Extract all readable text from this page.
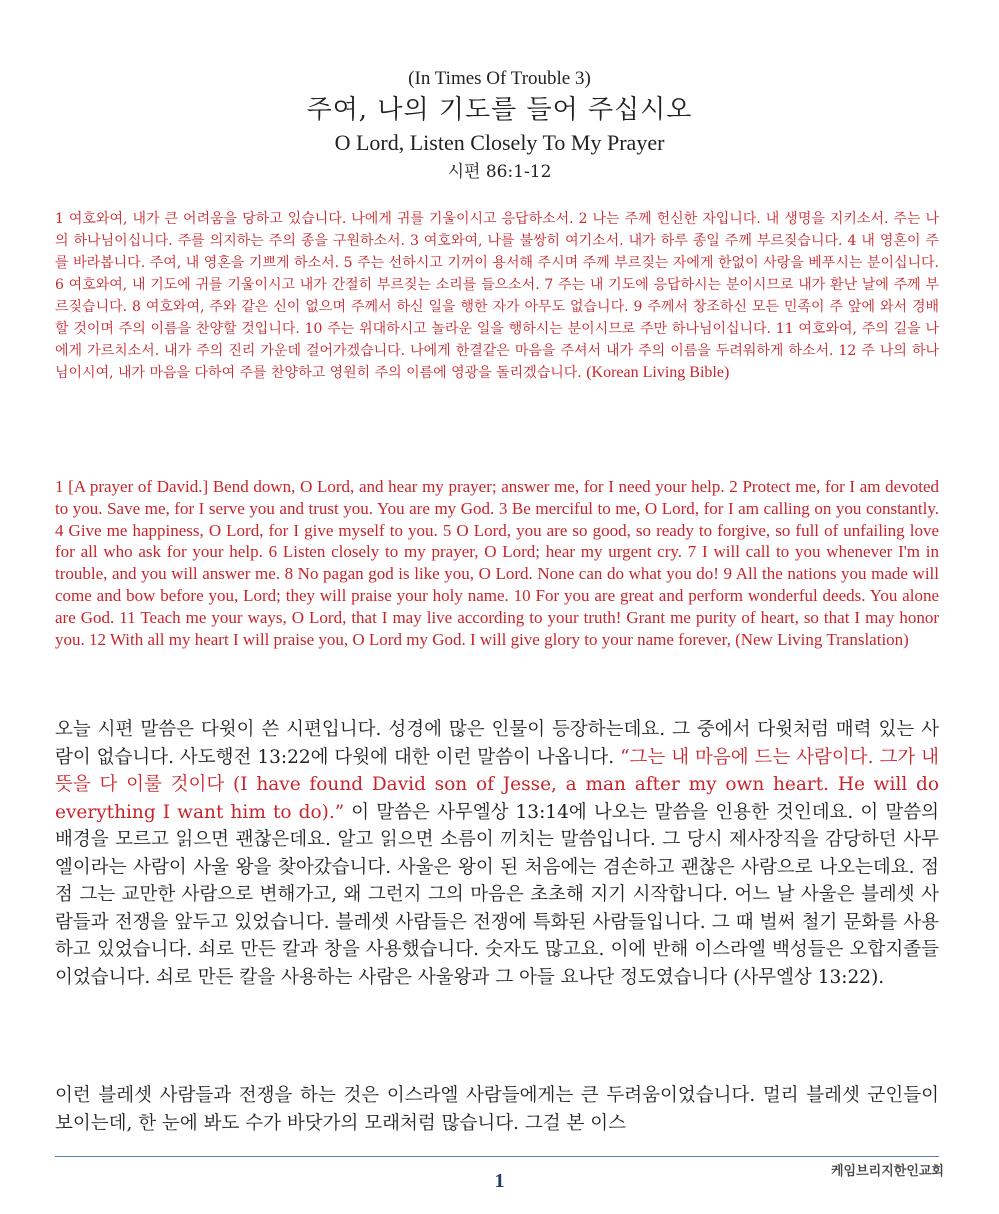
(In Times Of Trouble 3)
주여, 나의 기도를 들어 주십시오
O Lord, Listen Closely To My Prayer
시편 86:1-12
1 여호와여, 내가 큰 어려움을 당하고 있습니다. 나에게 귀를 기울이시고 응답하소서. 2 나는 주께 헌신한 자입니다. 내 생명을 지키소서. 주는 나의 하나님이십니다. 주를 의지하는 주의 종을 구원하소서. 3 여호와여, 나를 불쌍히 여기소서. 내가 하루 종일 주께 부르짖습니다. 4 내 영혼이 주를 바라봅니다. 주여, 내 영혼을 기쁘게 하소서. 5 주는 선하시고 기꺼이 용서해 주시며 주께 부르짖는 자에게 한없이 사랑을 베푸시는 분이십니다. 6 여호와여, 내 기도에 귀를 기울이시고 내가 간절히 부르짖는 소리를 들으소서. 7 주는 내 기도에 응답하시는 분이시므로 내가 환난 날에 주께 부르짖습니다. 8 여호와여, 주와 같은 신이 없으며 주께서 하신 일을 행한 자가 아무도 없습니다. 9 주께서 창조하신 모든 민족이 주 앞에 와서 경배할 것이며 주의 이름을 찬양할 것입니다. 10 주는 위대하시고 놀라운 일을 행하시는 분이시므로 주만 하나님이십니다. 11 여호와여, 주의 길을 나에게 가르치소서. 내가 주의 진리 가운데 걸어가겠습니다. 나에게 한결같은 마음을 주셔서 내가 주의 이름을 두려워하게 하소서. 12 주 나의 하나님이시여, 내가 마음을 다하여 주를 찬양하고 영원히 주의 이름에 영광을 돌리겠습니다. (Korean Living Bible)
1 [A prayer of David.] Bend down, O Lord, and hear my prayer; answer me, for I need your help. 2 Protect me, for I am devoted to you. Save me, for I serve you and trust you. You are my God. 3 Be merciful to me, O Lord, for I am calling on you constantly. 4 Give me happiness, O Lord, for I give myself to you. 5 O Lord, you are so good, so ready to forgive, so full of unfailing love for all who ask for your help. 6 Listen closely to my prayer, O Lord; hear my urgent cry. 7 I will call to you whenever I'm in trouble, and you will answer me. 8 No pagan god is like you, O Lord. None can do what you do! 9 All the nations you made will come and bow before you, Lord; they will praise your holy name. 10 For you are great and perform wonderful deeds. You alone are God. 11 Teach me your ways, O Lord, that I may live according to your truth! Grant me purity of heart, so that I may honor you. 12 With all my heart I will praise you, O Lord my God. I will give glory to your name forever, (New Living Translation)
오늘 시편 말씀은 다윗이 쓴 시편입니다. 성경에 많은 인물이 등장하는데요. 그 중에서 다윗처럼 매력 있는 사람이 없습니다. 사도행전 13:22에 다윗에 대한 이런 말씀이 나옵니다. “그는 내 마음에 드는 사람이다. 그가 내 뜻을 다 이룰 것이다 (I have found David son of Jesse, a man after my own heart. He will do everything I want him to do).” 이 말씀은 사무엘상 13:14에 나오는 말씀을 인용한 것인데요. 이 말씀의 배경을 모르고 읽으면 괜찮은데요. 알고 읽으면 소름이 끼치는 말씀입니다. 그 당시 제사장직을 감당하던 사무엘이라는 사람이 사울 왕을 찾아갔습니다. 사울은 왕이 된 처음에는 겸손하고 괜찮은 사람으로 나오는데요. 점점 그는 교만한 사람으로 변해가고, 왜 그런지 그의 마음은 초초해 지기 시작합니다. 어느 날 사울은 블레셋 사람들과 전쟁을 앞두고 있었습니다. 블레셋 사람들은 전쟁에 특화된 사람들입니다. 그 때 벌써 철기 문화를 사용하고 있었습니다. 쇠로 만든 칼과 창을 사용했습니다. 숫자도 많고요. 이에 반해 이스라엘 백성들은 오합지졸들이었습니다. 쇠로 만든 칼을 사용하는 사람은 사울왕과 그 아들 요나단 정도였습니다 (사무엘상 13:22).
이런 블레셋 사람들과 전쟁을 하는 것은 이스라엘 사람들에게는 큰 두려움이었습니다. 멀리 블레셋 군인들이 보이는데, 한 눈에 봐도 수가 바닷가의 모래처럼 많습니다. 그걸 본 이스
1	케임브리지한인교회
